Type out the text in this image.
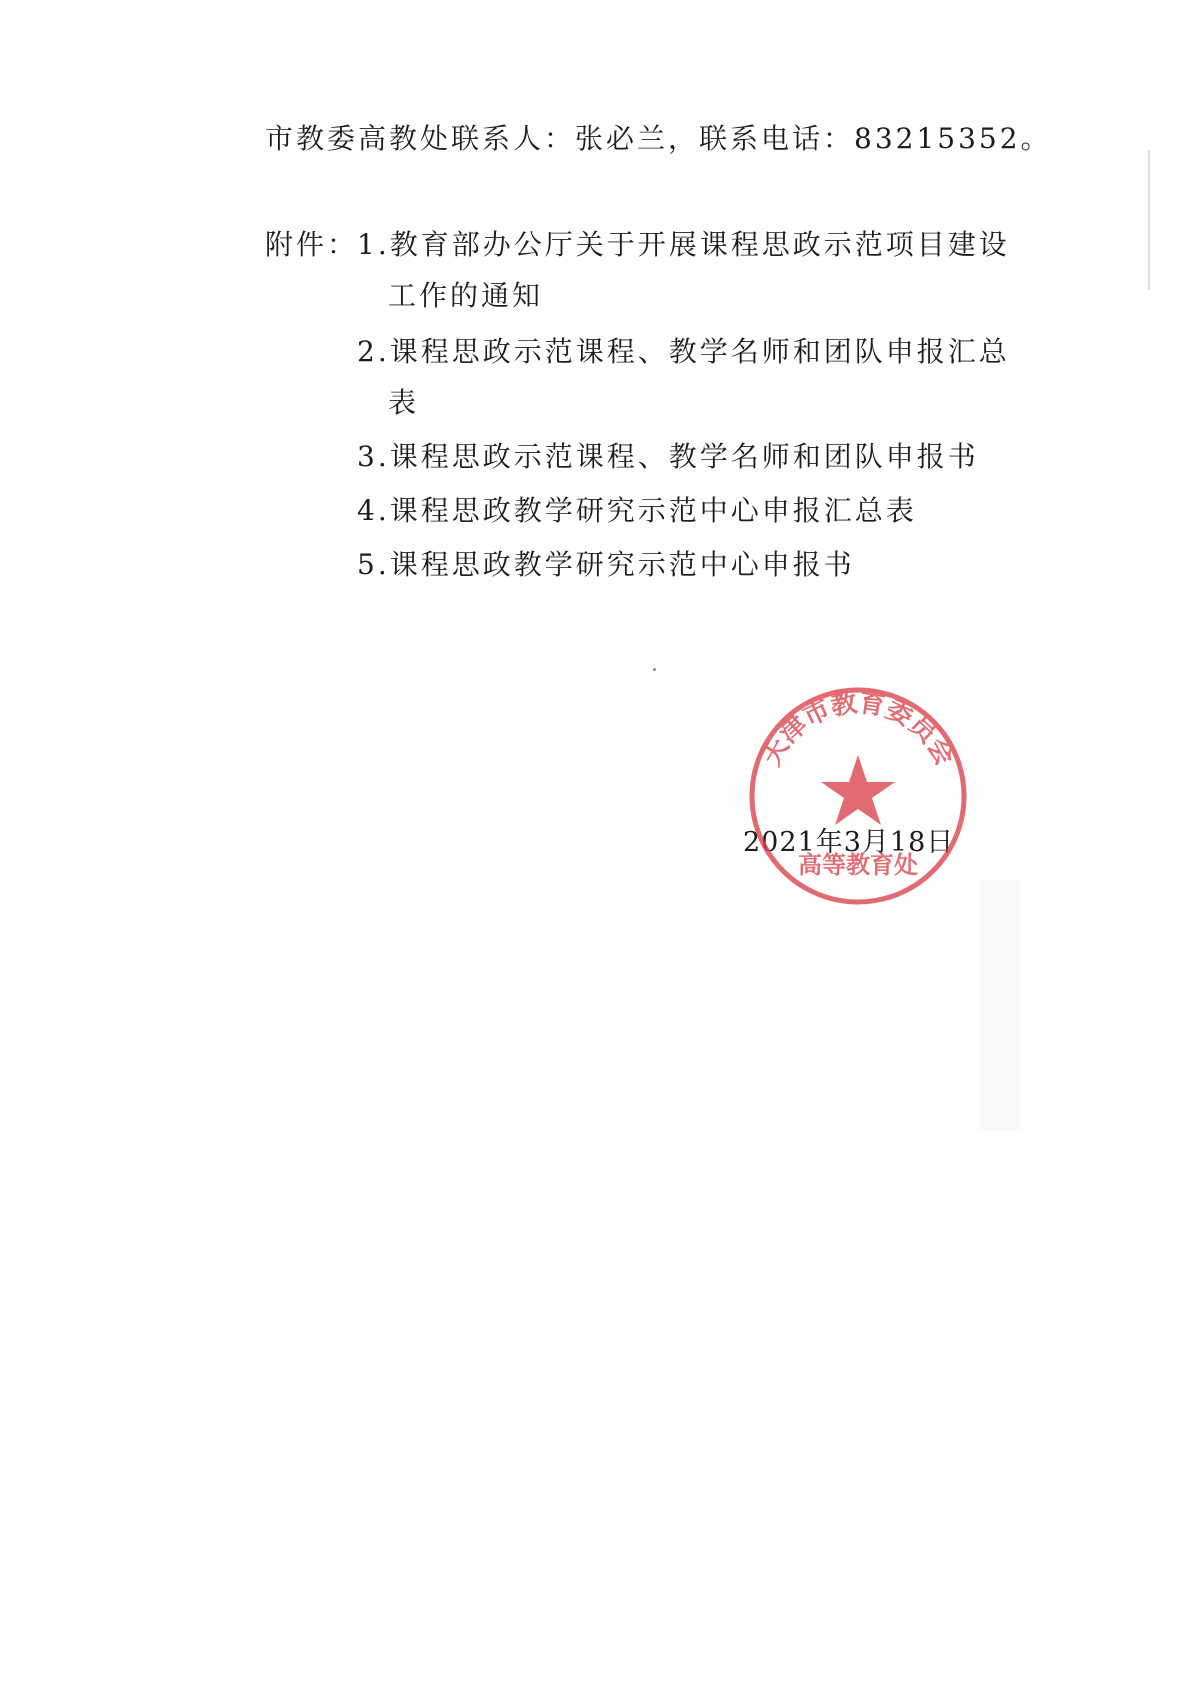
市教委高教处联系人：张必兰，联系电话：83215352。
附件：
1.教育部办公厅关于开展课程思政示范项目建设
工作的通知
2.课程思政示范课程、教学名师和团队申报汇总
表
3.课程思政示范课程、教学名师和团队申报书
4.课程思政教学研究示范中心申报汇总表
5.课程思政教学研究示范中心申报书
2021年3月18日
天津市教育委员会
高等教育处
